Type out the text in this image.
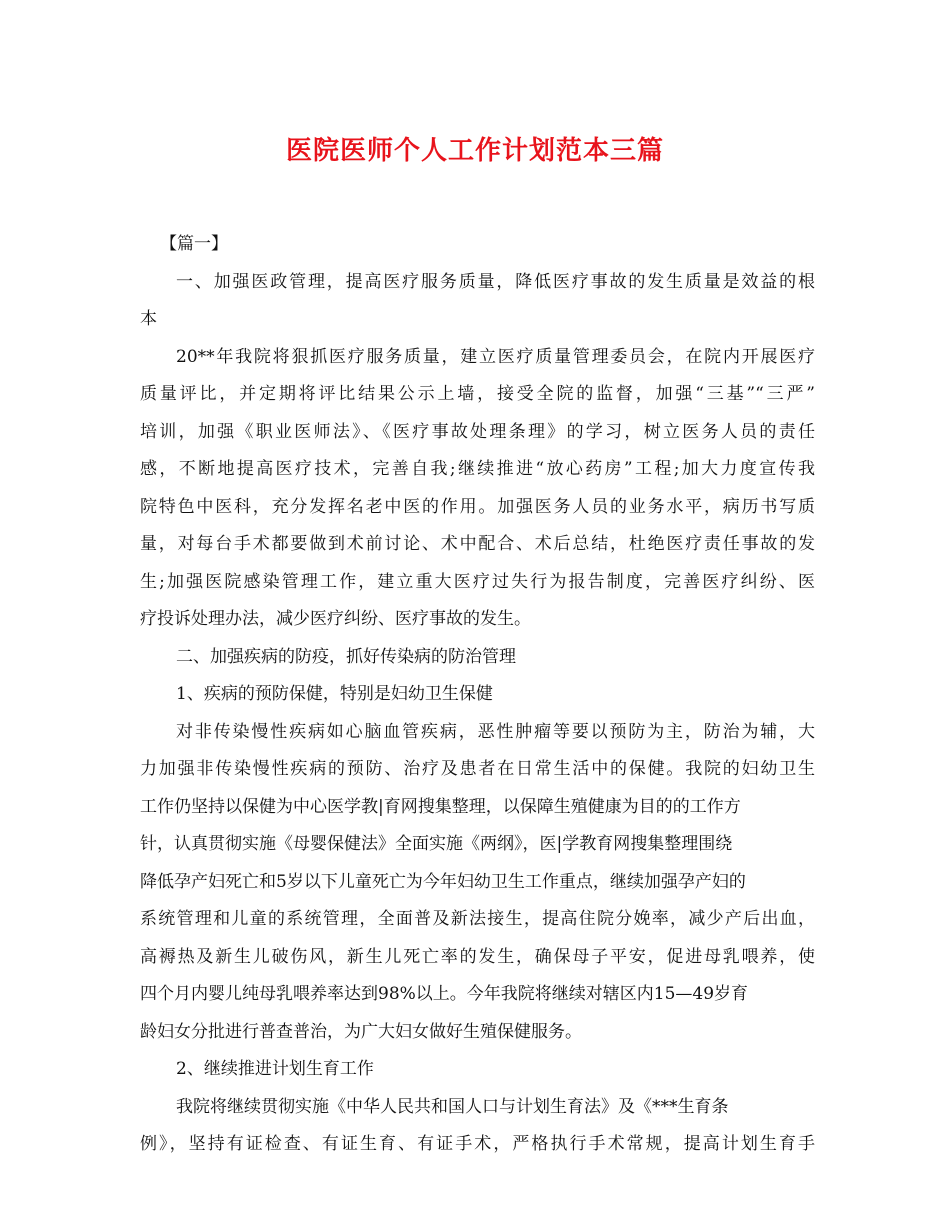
医院医师个人工作计划范本三篇
【篇一】
一、加强医政管理，提高医疗服务质量，降低医疗事故的发生质量是效益的根
本
20**年我院将狠抓医疗服务质量，建立医疗质量管理委员会，在院内开展医疗
质量评比，并定期将评比结果公示上墙，接受全院的监督，加强“三基”“三严”
培训，加强《职业医师法》、《医疗事故处理条理》的学习，树立医务人员的责任
感，不断地提高医疗技术，完善自我;继续推进“放心药房”工程;加大力度宣传我
院特色中医科，充分发挥名老中医的作用。加强医务人员的业务水平，病历书写质
量，对每台手术都要做到术前讨论、术中配合、术后总结，杜绝医疗责任事故的发
生;加强医院感染管理工作，建立重大医疗过失行为报告制度，完善医疗纠纷、医
疗投诉处理办法，减少医疗纠纷、医疗事故的发生。
二、加强疾病的防疫，抓好传染病的防治管理
1、疾病的预防保健，特别是妇幼卫生保健
对非传染慢性疾病如心脑血管疾病，恶性肿瘤等要以预防为主，防治为辅，大
力加强非传染慢性疾病的预防、治疗及患者在日常生活中的保健。我院的妇幼卫生
工作仍坚持以保健为中心医学教|育网搜集整理，以保障生殖健康为目的的工作方
针，认真贯彻实施《母婴保健法》全面实施《两纲》，医|学教育网搜集整理围绕
降低孕产妇死亡和5岁以下儿童死亡为今年妇幼卫生工作重点，继续加强孕产妇的
系统管理和儿童的系统管理，全面普及新法接生，提高住院分娩率，减少产后出血，
高褥热及新生儿破伤风，新生儿死亡率的发生，确保母子平安，促进母乳喂养，使
四个月内婴儿纯母乳喂养率达到98%以上。今年我院将继续对辖区内15—49岁育
龄妇女分批进行普查普治，为广大妇女做好生殖保健服务。
2、继续推进计划生育工作
我院将继续贯彻实施《中华人民共和国人口与计划生育法》及《***生育条
例》，坚持有证检查、有证生育、有证手术，严格执行手术常规，提高计划生育手
